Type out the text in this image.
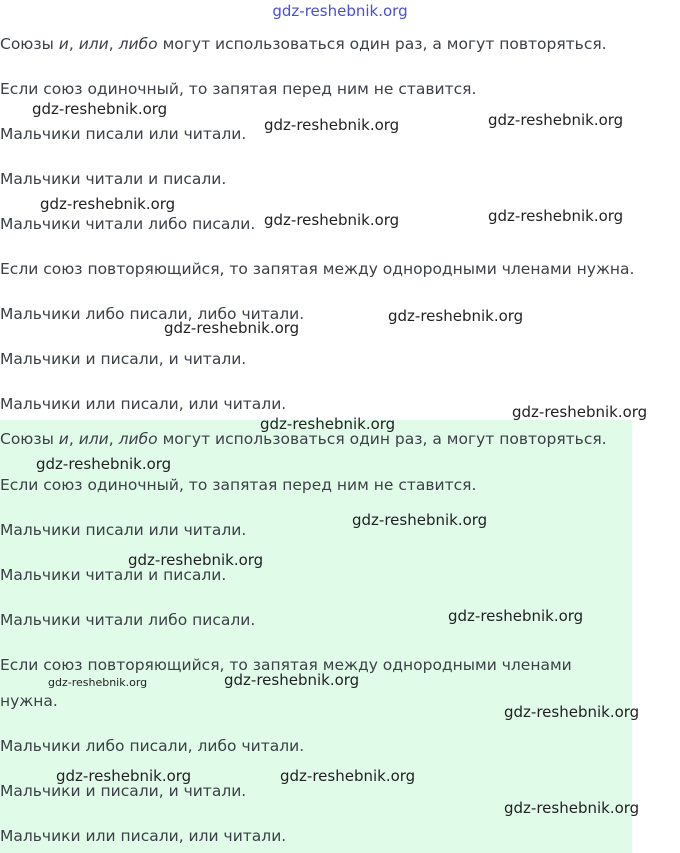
gdz-reshebnik.org

Союзы и, или, либо могут использоваться один раз, а могут повторяться.

Если союз одиночный, то запятая перед ним не ставится.

Мальчики писали или читали.

Мальчики читали и писали.

Мальчики читали либо писали.

Если союз повторяющийся, то запятая между однородными членами нужна.

Мальчики либо писали, либо читали.

Мальчики и писали, и читали.

Мальчики или писали, или читали.

Союзы и, или, либо могут использоваться один раз, а могут повторяться.

Если союз одиночный, то запятая перед ним не ставится.

Мальчики писали или читали.

Мальчики читали и писали.

Мальчики читали либо писали.

Если союз повторяющийся, то запятая между однородными членами

нужна.

Мальчики либо писали, либо читали.

Мальчики и писали, и читали.

Мальчики или писали, или читали.

gdz-reshebnik.org
gdz-reshebnik.org	gdz-reshebnik.org
gdz-reshebnik.org
gdz-reshebnik.org	gdz-reshebnik.org
gdz-reshebnik.org
gdz-reshebnik.org
gdz-reshebnik.org
gdz-reshebnik.org
gdz-reshebnik.org
gdz-reshebnik.org
gdz-reshebnik.org
gdz-reshebnik.org
gdz-reshebnik.org	gdz-reshebnik.org
gdz-reshebnik.org
gdz-reshebnik.org	gdz-reshebnik.org
gdz-reshebnik.org
